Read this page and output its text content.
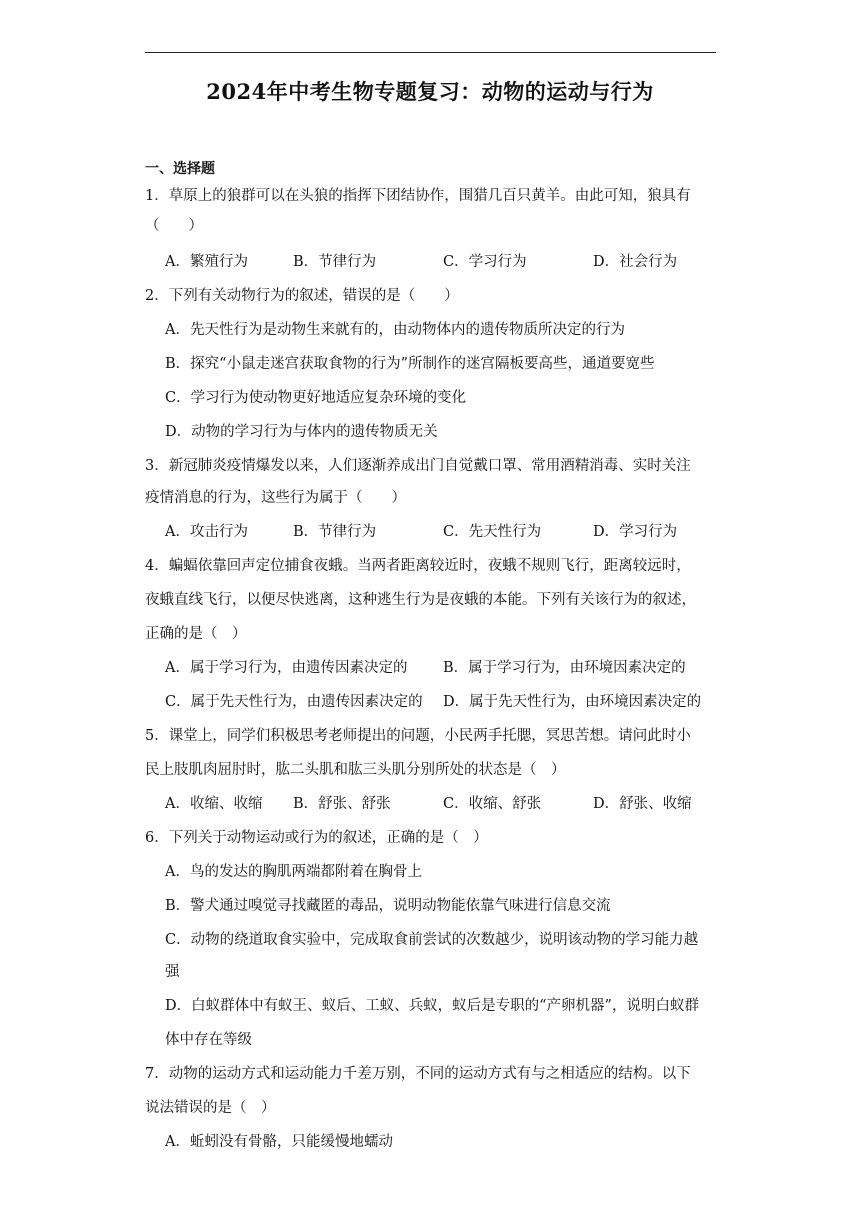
2024年中考生物专题复习：动物的运动与行为
一、选择题
1．草原上的狼群可以在头狼的指挥下团结协作，围猎几百只黄羊。由此可知，狼具有
（　　）
A．繁殖行为	B．节律行为	C．学习行为	D．社会行为
2．下列有关动物行为的叙述，错误的是（　　）
A．先天性行为是动物生来就有的，由动物体内的遗传物质所决定的行为
B．探究“小鼠走迷宫获取食物的行为”所制作的迷宫隔板要高些，通道要宽些
C．学习行为使动物更好地适应复杂环境的变化
D．动物的学习行为与体内的遗传物质无关
3．新冠肺炎疫情爆发以来，人们逐渐养成出门自觉戴口罩、常用酒精消毒、实时关注
疫情消息的行为，这些行为属于（　　）
A．攻击行为	B．节律行为	C．先天性行为	D．学习行为
4．蝙蝠依靠回声定位捕食夜蛾。当两者距离较近时，夜蛾不规则飞行，距离较远时，
夜蛾直线飞行，以便尽快逃离，这种逃生行为是夜蛾的本能。下列有关该行为的叙述，
正确的是（　）
A．属于学习行为，由遗传因素决定的 B．属于学习行为，由环境因素决定的
C．属于先天性行为，由遗传因素决定的 D．属于先天性行为，由环境因素决定的
5．课堂上，同学们积极思考老师提出的问题，小民两手托腮，冥思苦想。请问此时小
民上肢肌肉屈肘时，肱二头肌和肱三头肌分别所处的状态是（　）
A．收缩、收缩 B．舒张、舒张	C．收缩、舒张	D．舒张、收缩
6．下列关于动物运动或行为的叙述，正确的是（　）
A．鸟的发达的胸肌两端都附着在胸骨上
B．警犬通过嗅觉寻找藏匿的毒品，说明动物能依靠气味进行信息交流
C．动物的绕道取食实验中，完成取食前尝试的次数越少，说明该动物的学习能力越
强
D．白蚁群体中有蚁王、蚁后、工蚁、兵蚁，蚁后是专职的“产卵机器”，说明白蚁群
体中存在等级
7．动物的运动方式和运动能力千差万别，不同的运动方式有与之相适应的结构。以下
说法错误的是（　）
A．蚯蚓没有骨骼，只能缓慢地蠕动
